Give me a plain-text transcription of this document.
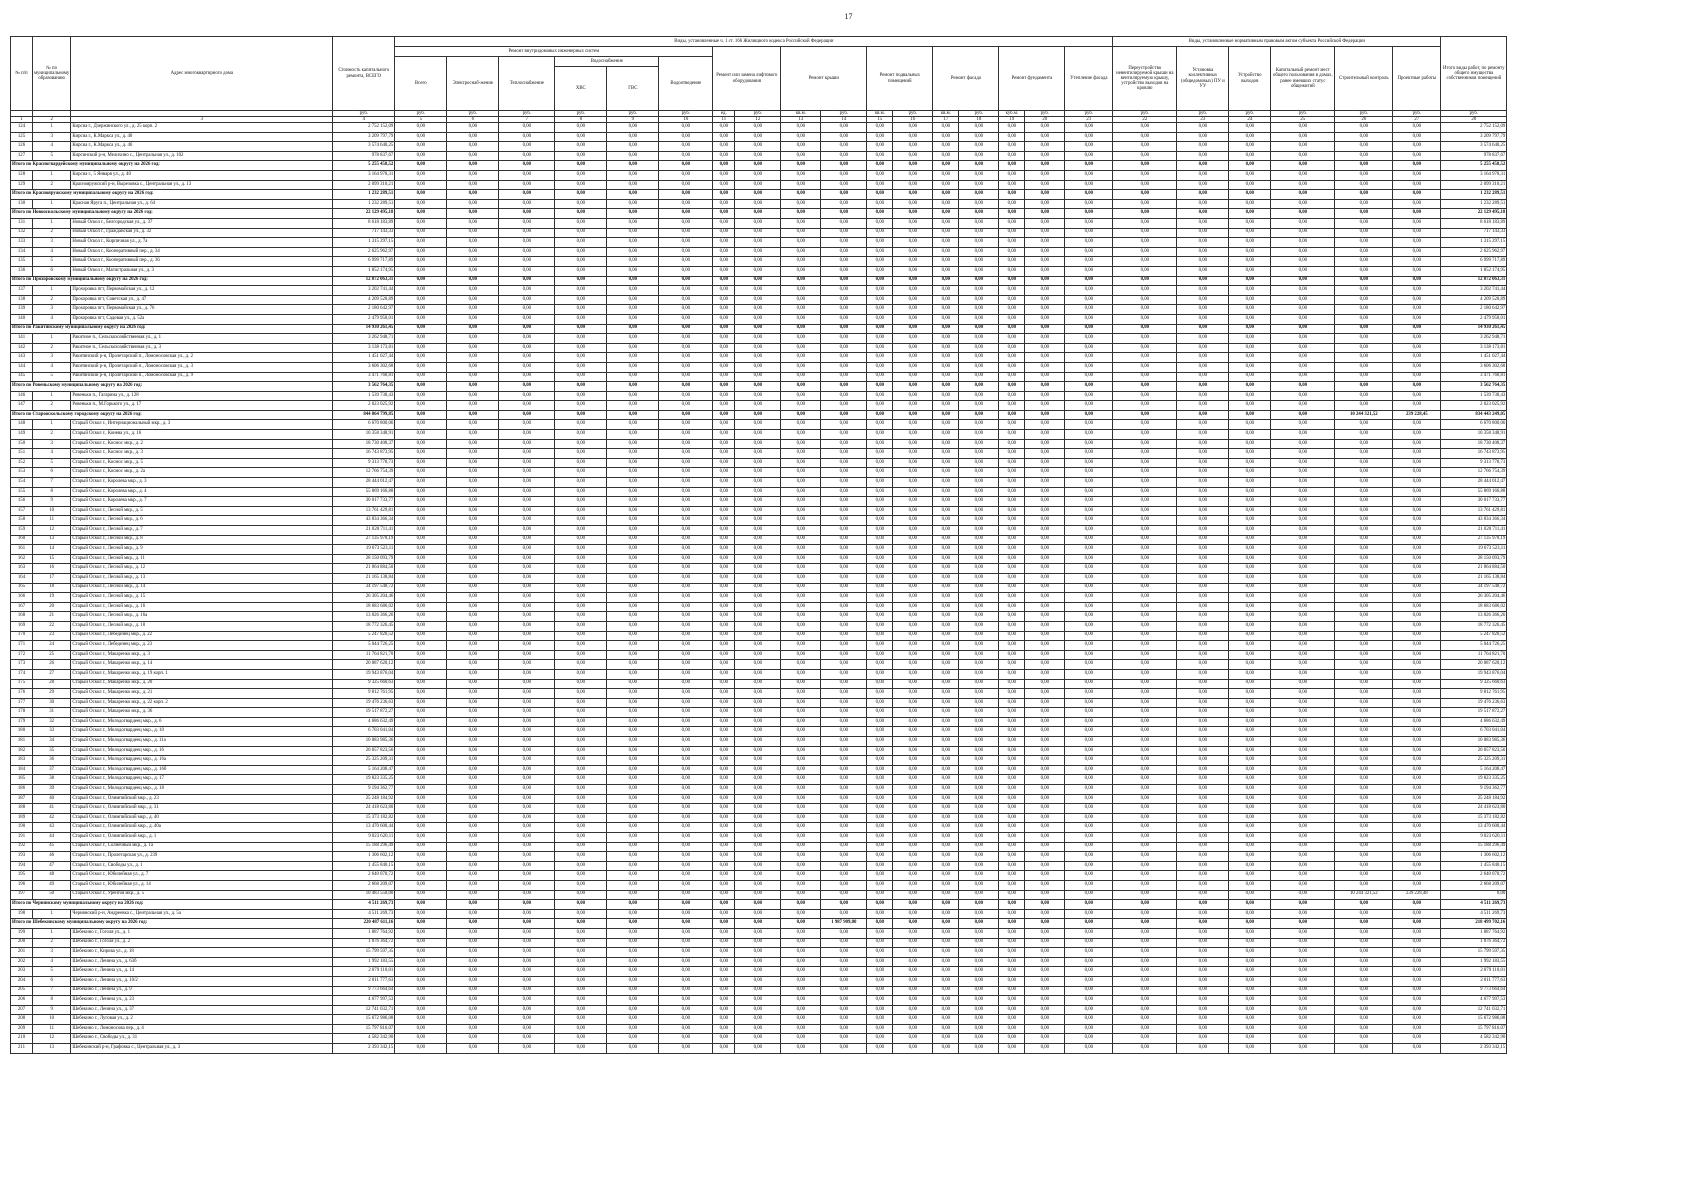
17
№ п/п	№ по муниципальному образованию	Адрес многоквартирного дома	Стоимость капитального ремонта, ВСЕГО	Виды, установленные ч. 1 ст. 166 Жилищного кодекса Российской Федерации																	Виды, установленные нормативным правовым актом субъекта Российской Федерации						Итого виды работ, по ремонту общего имущества собственников помещений
				Ремонт внутридомовых инженерных систем						Ремонт или замена лифтового оборудования		Ремонт крыши		Ремонт подвальных помещений		Ремонт фасада		Ремонт фундамента		Утепление фасада	Переустройство невентилируемой крыши на вентилируемую крышу, устройство выходов на кровлю	Установка коллективных (общедомовых) ПУ и УУ	Устройство выходов	Капитальный ремонт мест общего пользования в домах, ранее имевших статус общежитий	Строительный контроль	Проектные работы	
				Всего	Электроснаб-жение	Теплоснабжение	Водоснабжение		Водоотведение																		
							ХВС	ГВС																			
			руб.	руб.	руб.	руб.	руб.	руб.	руб.	ед.	руб.	кв.м.	руб.	кв.м.	руб.	кв.м.	руб.	куб.м.	руб.	руб.	руб.	руб.	руб.	руб.	руб.	руб.	руб.
1	2	3	4	5	6	7	8	9	10	11	12	13	14	15	16	17	18	19	20	21	22	23	24	25	26	27	28
124	1	Кирсиа г., Дзержинского ул., д. 25 корп. 2	2 752 152,09	0,00	0,00	0,00	0,00	0,00	0,00	0,00	0,00	0,00	0,00	0,00	0,00	0,00	0,00	0,00	0,00	0,00	0,00	0,00	0,00	0,00	0,00	0,00	2 752 152,09
125	3	Кирсиа г., К.Маркса ул., д. 40	3 209 797,79	0,00	0,00	0,00	0,00	0,00	0,00	0,00	0,00	0,00	0,00	0,00	0,00	0,00	0,00	0,00	0,00	0,00	0,00	0,00	0,00	0,00	0,00	0,00	3 209 797,79
126	4	Кирсиа г., К.Маркса ул., д. 46	3 574 640,25	0,00	0,00	0,00	0,00	0,00	0,00	0,00	0,00	0,00	0,00	0,00	0,00	0,00	0,00	0,00	0,00	0,00	0,00	0,00	0,00	0,00	0,00	0,00	3 574 640,25
127	5	Кирсинский р-н, Мелихино с., Центральная ул., д. 102	978 837,67	0,00	0,00	0,00	0,00	0,00	0,00	0,00	0,00	0,00	0,00	0,00	0,00	0,00	0,00	0,00	0,00	0,00	0,00	0,00	0,00	0,00	0,00	0,00	978 837,67
Итого по Красногвардейскому муниципальному округу на 2026 год:			5 255 458,52	0,00	0,00	0,00	0,00	0,00	0,00	0,00	0,00	0,00	0,00	0,00	0,00	0,00	0,00	0,00	0,00	0,00	0,00	0,00	0,00	0,00	0,00	0,00	5 255 458,52
128	1	Кирсиа г., 5 Января ул., д. 40	3 164 978,31	0,00	0,00	0,00	0,00	0,00	0,00	0,00	0,00	0,00	0,00	0,00	0,00	0,00	0,00	0,00	0,00	0,00	0,00	0,00	0,00	0,00	0,00	0,00	3 164 978,31
129	2	Краснояружский р-н, Вырезовка с., Центральная ул., д. 13	2 099 310,21	0,00	0,00	0,00	0,00	0,00	0,00	0,00	0,00	0,00	0,00	0,00	0,00	0,00	0,00	0,00	0,00	0,00	0,00	0,00	0,00	0,00	0,00	0,00	2 099 310,21
Итого по Краснояружскому муниципальному округу на 2026 год:			1 232 289,51	0,00	0,00	0,00	0,00	0,00	0,00	0,00	0,00	0,00	0,00	0,00	0,00	0,00	0,00	0,00	0,00	0,00	0,00	0,00	0,00	0,00	0,00	0,00	1 232 289,51
130	1	Красная Яруга п., Центральная ул., д. 64	1 232 289,51	0,00	0,00	0,00	0,00	0,00	0,00	0,00	0,00	0,00	0,00	0,00	0,00	0,00	0,00	0,00	0,00	0,00	0,00	0,00	0,00	0,00	0,00	0,00	1 232 289,51
Итого по Новооскольскому муниципальному округу на 2026 год:			22 129 495,18	0,00	0,00	0,00	0,00	0,00	0,00	0,00	0,00	0,00	0,00	0,00	0,00	0,00	0,00	0,00	0,00	0,00	0,00	0,00	0,00	0,00	0,00	0,00	22 129 495,18
131	1	Новый Оскол г., Белгородская ул., д. 37	8 618 183,89	0,00	0,00	0,00	0,00	0,00	0,00	0,00	0,00	0,00	0,00	0,00	0,00	0,00	0,00	0,00	0,00	0,00	0,00	0,00	0,00	0,00	0,00	0,00	8 618 183,89
132	2	Новый Оскол г., Гражданская ул., д. 32	717 143,33	0,00	0,00	0,00	0,00	0,00	0,00	0,00	0,00	0,00	0,00	0,00	0,00	0,00	0,00	0,00	0,00	0,00	0,00	0,00	0,00	0,00	0,00	0,00	717 143,33
133	3	Новый Оскол г., Кирпичная ул., д. 7а	1 315 297,15	0,00	0,00	0,00	0,00	0,00	0,00	0,00	0,00	0,00	0,00	0,00	0,00	0,00	0,00	0,00	0,00	0,00	0,00	0,00	0,00	0,00	0,00	0,00	1 315 297,15
134	4	Новый Оскол г., Кооперативный пер., д. 34	2 625 962,97	0,00	0,00	0,00	0,00	0,00	0,00	0,00	0,00	0,00	0,00	0,00	0,00	0,00	0,00	0,00	0,00	0,00	0,00	0,00	0,00	0,00	0,00	0,00	2 625 962,97
135	5	Новый Оскол г., Кооперативный пер., д. 36	6 999 717,89	0,00	0,00	0,00	0,00	0,00	0,00	0,00	0,00	0,00	0,00	0,00	0,00	0,00	0,00	0,00	0,00	0,00	0,00	0,00	0,00	0,00	0,00	0,00	6 999 717,89
136	6	Новый Оскол г., Магистральная ул., д. 3	1 852 174,95	0,00	0,00	0,00	0,00	0,00	0,00	0,00	0,00	0,00	0,00	0,00	0,00	0,00	0,00	0,00	0,00	0,00	0,00	0,00	0,00	0,00	0,00	0,00	1 852 174,95
Итого по Прохоровскому муниципальному округу на 2026 год:			12 072 063,31	0,00	0,00	0,00	0,00	0,00	0,00	0,00	0,00	0,00	0,00	0,00	0,00	0,00	0,00	0,00	0,00	0,00	0,00	0,00	0,00	0,00	0,00	0,00	12 072 063,31
137	1	Прохоровка пгт, Первомайская ул., д. 12	3 202 741,44	0,00	0,00	0,00	0,00	0,00	0,00	0,00	0,00	0,00	0,00	0,00	0,00	0,00	0,00	0,00	0,00	0,00	0,00	0,00	0,00	0,00	0,00	0,00	3 202 741,44
138	2	Прохоровка пгт, Советская ул., д. 47	4 209 520,89	0,00	0,00	0,00	0,00	0,00	0,00	0,00	0,00	0,00	0,00	0,00	0,00	0,00	0,00	0,00	0,00	0,00	0,00	0,00	0,00	0,00	0,00	0,00	4 209 520,89
139	3	Прохоровка пгт, Первомайская ул., д. 76	2 180 642,97	0,00	0,00	0,00	0,00	0,00	0,00	0,00	0,00	0,00	0,00	0,00	0,00	0,00	0,00	0,00	0,00	0,00	0,00	0,00	0,00	0,00	0,00	0,00	2 180 642,97
140	4	Прохоровка пгт, Садовая ул., д. 52а	2 479 958,01	0,00	0,00	0,00	0,00	0,00	0,00	0,00	0,00	0,00	0,00	0,00	0,00	0,00	0,00	0,00	0,00	0,00	0,00	0,00	0,00	0,00	0,00	0,00	2 479 958,01
Итого по Ракитянскому муниципальному округу на 2026 год:			14 930 261,45	0,00	0,00	0,00	0,00	0,00	0,00	0,00	0,00	0,00	0,00	0,00	0,00	0,00	0,00	0,00	0,00	0,00	0,00	0,00	0,00	0,00	0,00	0,00	14 930 261,45
141	1	Ракитное п., Сельскохозяйственная ул., д. 1	3 262 948,71	0,00	0,00	0,00	0,00	0,00	0,00	0,00	0,00	0,00	0,00	0,00	0,00	0,00	0,00	0,00	0,00	0,00	0,00	0,00	0,00	0,00	0,00	0,00	3 262 948,71
142	2	Ракитное п., Сельскохозяйственная ул., д. 3	3 138 173,81	0,00	0,00	0,00	0,00	0,00	0,00	0,00	0,00	0,00	0,00	0,00	0,00	0,00	0,00	0,00	0,00	0,00	0,00	0,00	0,00	0,00	0,00	0,00	3 138 173,81
143	3	Ракитянский р-н, Пролетарский п., Ломоносовская ул., д. 2	1 451 027,44	0,00	0,00	0,00	0,00	0,00	0,00	0,00	0,00	0,00	0,00	0,00	0,00	0,00	0,00	0,00	0,00	0,00	0,00	0,00	0,00	0,00	0,00	0,00	1 451 027,44
144	4	Ракитянский р-н, Пролетарский п., Ломоносовская ул., д. 3	3 606 302,68	0,00	0,00	0,00	0,00	0,00	0,00	0,00	0,00	0,00	0,00	0,00	0,00	0,00	0,00	0,00	0,00	0,00	0,00	0,00	0,00	0,00	0,00	0,00	3 606 302,68
145	5	Ракитянский р-н, Пролетарский п., Ломоносовская ул., д. 9	3 471 768,81	0,00	0,00	0,00	0,00	0,00	0,00	0,00	0,00	0,00	0,00	0,00	0,00	0,00	0,00	0,00	0,00	0,00	0,00	0,00	0,00	0,00	0,00	0,00	3 471 768,81
Итого по Ровеньскому муниципальному округу на 2026 год:			3 562 764,35	0,00	0,00	0,00	0,00	0,00	0,00	0,00	0,00	0,00	0,00	0,00	0,00	0,00	0,00	0,00	0,00	0,00	0,00	0,00	0,00	0,00	0,00	0,00	3 562 764,35
146	1	Ровеньки п., Гагарина ул., д. 128	1 539 738,43	0,00	0,00	0,00	0,00	0,00	0,00	0,00	0,00	0,00	0,00	0,00	0,00	0,00	0,00	0,00	0,00	0,00	0,00	0,00	0,00	0,00	0,00	0,00	1 539 738,43
147	2	Ровеньки п., М.Горького ул., д. 17	2 023 025,92	0,00	0,00	0,00	0,00	0,00	0,00	0,00	0,00	0,00	0,00	0,00	0,00	0,00	0,00	0,00	0,00	0,00	0,00	0,00	0,00	0,00	0,00	0,00	2 023 025,92
Итого по Старооскольскому городскому округу на 2026 год:			844 864 799,85	0,00	0,00	0,00	0,00	0,00	0,00	0,00	0,00	0,00	0,00	0,00	0,00	0,00	0,00	0,00	0,00	0,00	0,00	0,00	0,00	0,00	10 244 321,52	239 228,45	834 443 249,05
148	1	Старый Оскол г., Интернациональный мкр., д. 3	6 670 800,06	0,00	0,00	0,00	0,00	0,00	0,00	0,00	0,00	0,00	0,00	0,00	0,00	0,00	0,00	0,00	0,00	0,00	0,00	0,00	0,00	0,00	0,00	0,00	6 670 800,06
149	2	Старый Оскол г., Конева ул., д. 16	10 358 348,91	0,00	0,00	0,00	0,00	0,00	0,00	0,00	0,00	0,00	0,00	0,00	0,00	0,00	0,00	0,00	0,00	0,00	0,00	0,00	0,00	0,00	0,00	0,00	10 358 348,91
150	3	Старый Оскол г., Космос мкр., д. 2	18 730 408,37	0,00	0,00	0,00	0,00	0,00	0,00	0,00	0,00	0,00	0,00	0,00	0,00	0,00	0,00	0,00	0,00	0,00	0,00	0,00	0,00	0,00	0,00	0,00	18 730 408,37
151	4	Старый Оскол г., Космос мкр., д. 3	16 743 873,95	0,00	0,00	0,00	0,00	0,00	0,00	0,00	0,00	0,00	0,00	0,00	0,00	0,00	0,00	0,00	0,00	0,00	0,00	0,00	0,00	0,00	0,00	0,00	16 743 873,95
152	5	Старый Оскол г., Космос мкр., д. 5	9 313 778,73	0,00	0,00	0,00	0,00	0,00	0,00	0,00	0,00	0,00	0,00	0,00	0,00	0,00	0,00	0,00	0,00	0,00	0,00	0,00	0,00	0,00	0,00	0,00	9 313 778,73
153	6	Старый Оскол г., Космос мкр., д. 2а	12 766 754,39	0,00	0,00	0,00	0,00	0,00	0,00	0,00	0,00	0,00	0,00	0,00	0,00	0,00	0,00	0,00	0,00	0,00	0,00	0,00	0,00	0,00	0,00	0,00	12 766 754,39
154	7	Старый Оскол г., Королева мкр., д. 3	28 444 012,47	0,00	0,00	0,00	0,00	0,00	0,00	0,00	0,00	0,00	0,00	0,00	0,00	0,00	0,00	0,00	0,00	0,00	0,00	0,00	0,00	0,00	0,00	0,00	28 444 012,47
155	8	Старый Оскол г., Королева мкр., д. 4	55 869 166,88	0,00	0,00	0,00	0,00	0,00	0,00	0,00	0,00	0,00	0,00	0,00	0,00	0,00	0,00	0,00	0,00	0,00	0,00	0,00	0,00	0,00	0,00	0,00	55 869 166,88
156	9	Старый Оскол г., Королева мкр., д. 7	30 017 733,77	0,00	0,00	0,00	0,00	0,00	0,00	0,00	0,00	0,00	0,00	0,00	0,00	0,00	0,00	0,00	0,00	0,00	0,00	0,00	0,00	0,00	0,00	0,00	30 017 733,77
157	10	Старый Оскол г., Лесной мкр., д. 5	13 761 429,81	0,00	0,00	0,00	0,00	0,00	0,00	0,00	0,00	0,00	0,00	0,00	0,00	0,00	0,00	0,00	0,00	0,00	0,00	0,00	0,00	0,00	0,00	0,00	13 761 429,81
158	11	Старый Оскол г., Лесной мкр., д. 6	43 834 366,34	0,00	0,00	0,00	0,00	0,00	0,00	0,00	0,00	0,00	0,00	0,00	0,00	0,00	0,00	0,00	0,00	0,00	0,00	0,00	0,00	0,00	0,00	0,00	43 834 366,34
159	12	Старый Оскол г., Лесной мкр., д. 7	21 020 711,41	0,00	0,00	0,00	0,00	0,00	0,00	0,00	0,00	0,00	0,00	0,00	0,00	0,00	0,00	0,00	0,00	0,00	0,00	0,00	0,00	0,00	0,00	0,00	21 020 711,41
160	13	Старый Оскол г., Лесной мкр., д. 8	27 135 978,19	0,00	0,00	0,00	0,00	0,00	0,00	0,00	0,00	0,00	0,00	0,00	0,00	0,00	0,00	0,00	0,00	0,00	0,00	0,00	0,00	0,00	0,00	0,00	27 135 978,19
161	14	Старый Оскол г., Лесной мкр., д. 9	19 673 523,11	0,00	0,00	0,00	0,00	0,00	0,00	0,00	0,00	0,00	0,00	0,00	0,00	0,00	0,00	0,00	0,00	0,00	0,00	0,00	0,00	0,00	0,00	0,00	19 673 523,11
162	15	Старый Оскол г., Лесной мкр., д. 11	28 150 093,79	0,00	0,00	0,00	0,00	0,00	0,00	0,00	0,00	0,00	0,00	0,00	0,00	0,00	0,00	0,00	0,00	0,00	0,00	0,00	0,00	0,00	0,00	0,00	28 150 093,79
163	16	Старый Оскол г., Лесной мкр., д. 12	21 064 884,50	0,00	0,00	0,00	0,00	0,00	0,00	0,00	0,00	0,00	0,00	0,00	0,00	0,00	0,00	0,00	0,00	0,00	0,00	0,00	0,00	0,00	0,00	0,00	21 064 884,50
164	17	Старый Оскол г., Лесной мкр., д. 13	21 165 138,84	0,00	0,00	0,00	0,00	0,00	0,00	0,00	0,00	0,00	0,00	0,00	0,00	0,00	0,00	0,00	0,00	0,00	0,00	0,00	0,00	0,00	0,00	0,00	21 165 138,84
165	18	Старый Оскол г., Лесной мкр., д. 14	34 197 548,72	0,00	0,00	0,00	0,00	0,00	0,00	0,00	0,00	0,00	0,00	0,00	0,00	0,00	0,00	0,00	0,00	0,00	0,00	0,00	0,00	0,00	0,00	0,00	34 197 548,72
166	19	Старый Оскол г., Лесной мкр., д. 15	26 305 204,46	0,00	0,00	0,00	0,00	0,00	0,00	0,00	0,00	0,00	0,00	0,00	0,00	0,00	0,00	0,00	0,00	0,00	0,00	0,00	0,00	0,00	0,00	0,00	26 305 204,46
167	20	Старый Оскол г., Лесной мкр., д. 16	18 683 686,02	0,00	0,00	0,00	0,00	0,00	0,00	0,00	0,00	0,00	0,00	0,00	0,00	0,00	0,00	0,00	0,00	0,00	0,00	0,00	0,00	0,00	0,00	0,00	18 683 686,02
168	21	Старый Оскол г., Лесной мкр., д. 16а	13 826 366,26	0,00	0,00	0,00	0,00	0,00	0,00	0,00	0,00	0,00	0,00	0,00	0,00	0,00	0,00	0,00	0,00	0,00	0,00	0,00	0,00	0,00	0,00	0,00	13 826 366,26
169	22	Старый Оскол г., Лесной мкр., д. 18	18 772 326,45	0,00	0,00	0,00	0,00	0,00	0,00	0,00	0,00	0,00	0,00	0,00	0,00	0,00	0,00	0,00	0,00	0,00	0,00	0,00	0,00	0,00	0,00	0,00	18 772 326,45
170	23	Старый Оскол г., Лебединец мкр., д. 22	5 247 820,52	0,00	0,00	0,00	0,00	0,00	0,00	0,00	0,00	0,00	0,00	0,00	0,00	0,00	0,00	0,00	0,00	0,00	0,00	0,00	0,00	0,00	0,00	0,00	5 247 820,52
171	24	Старый Оскол г., Лебединец мкр., д. 23	5 044 726,25	0,00	0,00	0,00	0,00	0,00	0,00	0,00	0,00	0,00	0,00	0,00	0,00	0,00	0,00	0,00	0,00	0,00	0,00	0,00	0,00	0,00	0,00	0,00	5 044 726,25
172	25	Старый Оскол г., Макаренко мкр., д. 3	11 764 821,70	0,00	0,00	0,00	0,00	0,00	0,00	0,00	0,00	0,00	0,00	0,00	0,00	0,00	0,00	0,00	0,00	0,00	0,00	0,00	0,00	0,00	0,00	0,00	11 764 821,70
173	26	Старый Оскол г., Макаренко мкр., д. 14	20 887 620,12	0,00	0,00	0,00	0,00	0,00	0,00	0,00	0,00	0,00	0,00	0,00	0,00	0,00	0,00	0,00	0,00	0,00	0,00	0,00	0,00	0,00	0,00	0,00	20 887 620,12
174	27	Старый Оскол г., Макаренко мкр., д. 19 корп. 1	19 943 876,04	0,00	0,00	0,00	0,00	0,00	0,00	0,00	0,00	0,00	0,00	0,00	0,00	0,00	0,00	0,00	0,00	0,00	0,00	0,00	0,00	0,00	0,00	0,00	19 943 876,04
175	28	Старый Оскол г., Макаренко мкр., д. 20	9 325 660,63	0,00	0,00	0,00	0,00	0,00	0,00	0,00	0,00	0,00	0,00	0,00	0,00	0,00	0,00	0,00	0,00	0,00	0,00	0,00	0,00	0,00	0,00	0,00	9 325 660,63
176	29	Старый Оскол г., Макаренко мкр., д. 21	9 812 761,95	0,00	0,00	0,00	0,00	0,00	0,00	0,00	0,00	0,00	0,00	0,00	0,00	0,00	0,00	0,00	0,00	0,00	0,00	0,00	0,00	0,00	0,00	0,00	9 812 761,95
177	30	Старый Оскол г., Макаренко мкр., д. 22 корп. 2	19 476 236,63	0,00	0,00	0,00	0,00	0,00	0,00	0,00	0,00	0,00	0,00	0,00	0,00	0,00	0,00	0,00	0,00	0,00	0,00	0,00	0,00	0,00	0,00	0,00	19 476 236,63
178	31	Старый Оскол г., Макаренко мкр., д. 36	19 517 872,27	0,00	0,00	0,00	0,00	0,00	0,00	0,00	0,00	0,00	0,00	0,00	0,00	0,00	0,00	0,00	0,00	0,00	0,00	0,00	0,00	0,00	0,00	0,00	19 517 872,27
179	32	Старый Оскол г., Молодогвардеец мкр., д. 6	4 686 632,49	0,00	0,00	0,00	0,00	0,00	0,00	0,00	0,00	0,00	0,00	0,00	0,00	0,00	0,00	0,00	0,00	0,00	0,00	0,00	0,00	0,00	0,00	0,00	4 686 632,49
180	33	Старый Оскол г., Молодогвардеец мкр., д. 10	6 703 041,04	0,00	0,00	0,00	0,00	0,00	0,00	0,00	0,00	0,00	0,00	0,00	0,00	0,00	0,00	0,00	0,00	0,00	0,00	0,00	0,00	0,00	0,00	0,00	6 703 041,04
181	34	Старый Оскол г., Молодогвардеец мкр., д. 11а	10 083 985,36	0,00	0,00	0,00	0,00	0,00	0,00	0,00	0,00	0,00	0,00	0,00	0,00	0,00	0,00	0,00	0,00	0,00	0,00	0,00	0,00	0,00	0,00	0,00	10 083 985,36
182	35	Старый Оскол г., Молодогвардеец мкр., д. 16	20 057 823,56	0,00	0,00	0,00	0,00	0,00	0,00	0,00	0,00	0,00	0,00	0,00	0,00	0,00	0,00	0,00	0,00	0,00	0,00	0,00	0,00	0,00	0,00	0,00	20 057 823,56
183	36	Старый Оскол г., Молодогвардеец мкр., д. 16а	25 325 209,31	0,00	0,00	0,00	0,00	0,00	0,00	0,00	0,00	0,00	0,00	0,00	0,00	0,00	0,00	0,00	0,00	0,00	0,00	0,00	0,00	0,00	0,00	0,00	25 325 209,31
184	37	Старый Оскол г., Молодогвардеец мкр., д. 16б	5 164 208,47	0,00	0,00	0,00	0,00	0,00	0,00	0,00	0,00	0,00	0,00	0,00	0,00	0,00	0,00	0,00	0,00	0,00	0,00	0,00	0,00	0,00	0,00	0,00	5 164 208,47
185	38	Старый Оскол г., Молодогвардеец мкр., д. 17	19 823 335,25	0,00	0,00	0,00	0,00	0,00	0,00	0,00	0,00	0,00	0,00	0,00	0,00	0,00	0,00	0,00	0,00	0,00	0,00	0,00	0,00	0,00	0,00	0,00	19 823 335,25
186	39	Старый Оскол г., Молодогвардеец мкр., д. 18	9 194 362,77	0,00	0,00	0,00	0,00	0,00	0,00	0,00	0,00	0,00	0,00	0,00	0,00	0,00	0,00	0,00	0,00	0,00	0,00	0,00	0,00	0,00	0,00	0,00	9 194 362,77
187	40	Старый Оскол г., Олимпийский мкр., д. 23	25 248 184,92	0,00	0,00	0,00	0,00	0,00	0,00	0,00	0,00	0,00	0,00	0,00	0,00	0,00	0,00	0,00	0,00	0,00	0,00	0,00	0,00	0,00	0,00	0,00	25 248 184,92
188	41	Старый Оскол г., Олимпийский мкр., д. 31	24 418 623,80	0,00	0,00	0,00	0,00	0,00	0,00	0,00	0,00	0,00	0,00	0,00	0,00	0,00	0,00	0,00	0,00	0,00	0,00	0,00	0,00	0,00	0,00	0,00	24 418 623,80
189	42	Старый Оскол г., Олимпийский мкр., д. 40	15 373 182,82	0,00	0,00	0,00	0,00	0,00	0,00	0,00	0,00	0,00	0,00	0,00	0,00	0,00	0,00	0,00	0,00	0,00	0,00	0,00	0,00	0,00	0,00	0,00	15 373 182,82
190	43	Старый Оскол г., Олимпийский мкр., д. 40а	13 470 608,44	0,00	0,00	0,00	0,00	0,00	0,00	0,00	0,00	0,00	0,00	0,00	0,00	0,00	0,00	0,00	0,00	0,00	0,00	0,00	0,00	0,00	0,00	0,00	13 470 608,44
191	44	Старый Оскол г., Олимпийский мкр., д. 1	9 023 620,11	0,00	0,00	0,00	0,00	0,00	0,00	0,00	0,00	0,00	0,00	0,00	0,00	0,00	0,00	0,00	0,00	0,00	0,00	0,00	0,00	0,00	0,00	0,00	9 023 620,11
192	45	Старый Оскол г., Солнечный мкр., д. 1а	15 188 296,49	0,00	0,00	0,00	0,00	0,00	0,00	0,00	0,00	0,00	0,00	0,00	0,00	0,00	0,00	0,00	0,00	0,00	0,00	0,00	0,00	0,00	0,00	0,00	15 188 296,49
193	46	Старый Оскол г., Пролетарская ул., д. 239	1 306 602,12	0,00	0,00	0,00	0,00	0,00	0,00	0,00	0,00	0,00	0,00	0,00	0,00	0,00	0,00	0,00	0,00	0,00	0,00	0,00	0,00	0,00	0,00	0,00	1 306 602,12
194	47	Старый Оскол г., Свободы ул., д. 1	1 455 840,15	0,00	0,00	0,00	0,00	0,00	0,00	0,00	0,00	0,00	0,00	0,00	0,00	0,00	0,00	0,00	0,00	0,00	0,00	0,00	0,00	0,00	0,00	0,00	1 455 840,15
195	48	Старый Оскол г., Юбилейная ул., д. 7	2 640 070,72	0,00	0,00	0,00	0,00	0,00	0,00	0,00	0,00	0,00	0,00	0,00	0,00	0,00	0,00	0,00	0,00	0,00	0,00	0,00	0,00	0,00	0,00	0,00	2 640 070,72
196	49	Старый Оскол г., Юбилейная ул., д. 14	2 668 209,07	0,00	0,00	0,00	0,00	0,00	0,00	0,00	0,00	0,00	0,00	0,00	0,00	0,00	0,00	0,00	0,00	0,00	0,00	0,00	0,00	0,00	0,00	0,00	2 668 209,07
197	50	Старый Оскол г., Уренгоя мкр., д. 5	10 483 550,00	0,00	0,00	0,00	0,00	0,00	0,00	0,00	0,00	0,00	0,00	0,00	0,00	0,00	0,00	0,00	0,00	0,00	0,00	0,00	0,00	0,00	10 244 321,52	239 228,48	0,00
Итого по Чернянскому муниципальному округу на 2026 год:			4 511 269,73	0,00	0,00	0,00	0,00	0,00	0,00	0,00	0,00	0,00	0,00	0,00	0,00	0,00	0,00	0,00	0,00	0,00	0,00	0,00	0,00	0,00	0,00	0,00	4 511 269,73
198	1	Чернянский р-н, Андреевка с., Центральная ул., д. 5а	4 511 269,73	0,00	0,00	0,00	0,00	0,00	0,00	0,00	0,00	0,00	0,00	0,00	0,00	0,00	0,00	0,00	0,00	0,00	0,00	0,00	0,00	0,00	0,00	0,00	4 511 269,73
Итого по Шебекинскому муниципальному округу на 2026 год:			220 487 611,16	0,00	0,00	0,00	0,00	0,00	0,00	0,00	0,00	0,00	1 987 909,00	0,00	0,00	0,00	0,00	0,00	0,00	0,00	0,00	0,00	0,00	0,00	0,00	0,00	218 499 702,16
199	1	Шебекино г., Гоголя ул., д. 1	1 887 764,92	0,00	0,00	0,00	0,00	0,00	0,00	0,00	0,00	0,00	0,00	0,00	0,00	0,00	0,00	0,00	0,00	0,00	0,00	0,00	0,00	0,00	0,00	0,00	1 887 764,92
200	2	Шебекино г., Гоголя ул., д. 2	1 876 364,72	0,00	0,00	0,00	0,00	0,00	0,00	0,00	0,00	0,00	0,00	0,00	0,00	0,00	0,00	0,00	0,00	0,00	0,00	0,00	0,00	0,00	0,00	0,00	1 876 364,72
201	3	Шебекино г., Кирова ул., д. 18	15 799 597,35	0,00	0,00	0,00	0,00	0,00	0,00	0,00	0,00	0,00	0,00	0,00	0,00	0,00	0,00	0,00	0,00	0,00	0,00	0,00	0,00	0,00	0,00	0,00	15 799 597,35
202	4	Шебекино г., Ленина ул., д. 63б	1 992 183,55	0,00	0,00	0,00	0,00	0,00	0,00	0,00	0,00	0,00	0,00	0,00	0,00	0,00	0,00	0,00	0,00	0,00	0,00	0,00	0,00	0,00	0,00	0,00	1 992 183,55
203	5	Шебекино г., Ленина ул., д. 14	2 079 110,01	0,00	0,00	0,00	0,00	0,00	0,00	0,00	0,00	0,00	0,00	0,00	0,00	0,00	0,00	0,00	0,00	0,00	0,00	0,00	0,00	0,00	0,00	0,00	2 079 110,01
204	6	Шебекино г., Ленина ул., д. 10/2	2 011 777,63	0,00	0,00	0,00	0,00	0,00	0,00	0,00	0,00	0,00	0,00	0,00	0,00	0,00	0,00	0,00	0,00	0,00	0,00	0,00	0,00	0,00	0,00	0,00	2 011 777,63
205	7	Шебекино г., Ленина ул., д. 9	9 773 664,64	0,00	0,00	0,00	0,00	0,00	0,00	0,00	0,00	0,00	0,00	0,00	0,00	0,00	0,00	0,00	0,00	0,00	0,00	0,00	0,00	0,00	0,00	0,00	9 773 664,64
206	8	Шебекино г., Ленина ул., д. 23	4 677 997,53	0,00	0,00	0,00	0,00	0,00	0,00	0,00	0,00	0,00	0,00	0,00	0,00	0,00	0,00	0,00	0,00	0,00	0,00	0,00	0,00	0,00	0,00	0,00	4 677 997,53
207	9	Шебекино г., Ленина ул., д. 37	12 741 032,71	0,00	0,00	0,00	0,00	0,00	0,00	0,00	0,00	0,00	0,00	0,00	0,00	0,00	0,00	0,00	0,00	0,00	0,00	0,00	0,00	0,00	0,00	0,00	12 741 032,71
208	10	Шебекино г., Луговая ул., д. 2	15 672 986,08	0,00	0,00	0,00	0,00	0,00	0,00	0,00	0,00	0,00	0,00	0,00	0,00	0,00	0,00	0,00	0,00	0,00	0,00	0,00	0,00	0,00	0,00	0,00	15 672 986,08
209	11	Шебекино г., Ломоносова пер., д. 4	15 797 816,07	0,00	0,00	0,00	0,00	0,00	0,00	0,00	0,00	0,00	0,00	0,00	0,00	0,00	0,00	0,00	0,00	0,00	0,00	0,00	0,00	0,00	0,00	0,00	15 797 816,07
210	12	Шебекино г., Свободы ул., д. 31	4 582 342,90	0,00	0,00	0,00	0,00	0,00	0,00	0,00	0,00	0,00	0,00	0,00	0,00	0,00	0,00	0,00	0,00	0,00	0,00	0,00	0,00	0,00	0,00	0,00	4 582 342,90
211	13	Шебекинский р-н, Графовка с., Центральная ул., д. 3	2 393 342,15	0,00	0,00	0,00	0,00	0,00	0,00	0,00	0,00	0,00	0,00	0,00	0,00	0,00	0,00	0,00	0,00	0,00	0,00	0,00	0,00	0,00	0,00	0,00	2 393 342,15
